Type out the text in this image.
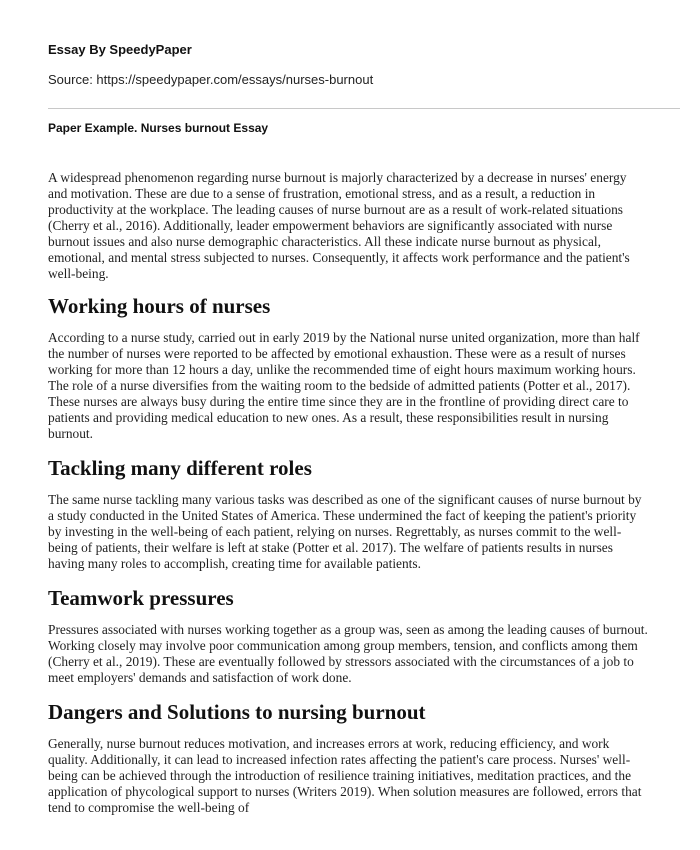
Essay By SpeedyPaper
Source: https://speedypaper.com/essays/nurses-burnout
Paper Example. Nurses burnout Essay

A widespread phenomenon regarding nurse burnout is majorly characterized by a decrease in nurses' energy and motivation. These are due to a sense of frustration, emotional stress, and as a result, a reduction in productivity at the workplace. The leading causes of nurse burnout are as a result of work-related situations (Cherry et al., 2016). Additionally, leader empowerment behaviors are significantly associated with nurse burnout issues and also nurse demographic characteristics. All these indicate nurse burnout as physical, emotional, and mental stress subjected to nurses. Consequently, it affects work performance and the patient's well-being.

Working hours of nurses

According to a nurse study, carried out in early 2019 by the National nurse united organization, more than half the number of nurses were reported to be affected by emotional exhaustion. These were as a result of nurses working for more than 12 hours a day, unlike the recommended time of eight hours maximum working hours. The role of a nurse diversifies from the waiting room to the bedside of admitted patients (Potter et al., 2017). These nurses are always busy during the entire time since they are in the frontline of providing direct care to patients and providing medical education to new ones. As a result, these responsibilities result in nursing burnout.

Tackling many different roles

The same nurse tackling many various tasks was described as one of the significant causes of nurse burnout by a study conducted in the United States of America. These undermined the fact of keeping the patient's priority by investing in the well-being of each patient, relying on nurses. Regrettably, as nurses commit to the well-being of patients, their welfare is left at stake (Potter et al. 2017). The welfare of patients results in nurses having many roles to accomplish, creating time for available patients.

Teamwork pressures

Pressures associated with nurses working together as a group was, seen as among the leading causes of burnout. Working closely may involve poor communication among group members, tension, and conflicts among them (Cherry et al., 2019). These are eventually followed by stressors associated with the circumstances of a job to meet employers' demands and satisfaction of work done.

Dangers and Solutions to nursing burnout

Generally, nurse burnout reduces motivation, and increases errors at work, reducing efficiency, and work quality. Additionally, it can lead to increased infection rates affecting the patient's care process. Nurses' well-being can be achieved through the introduction of resilience training initiatives, meditation practices, and the application of phycological support to nurses (Writers 2019). When solution measures are followed, errors that tend to compromise the well-being of
